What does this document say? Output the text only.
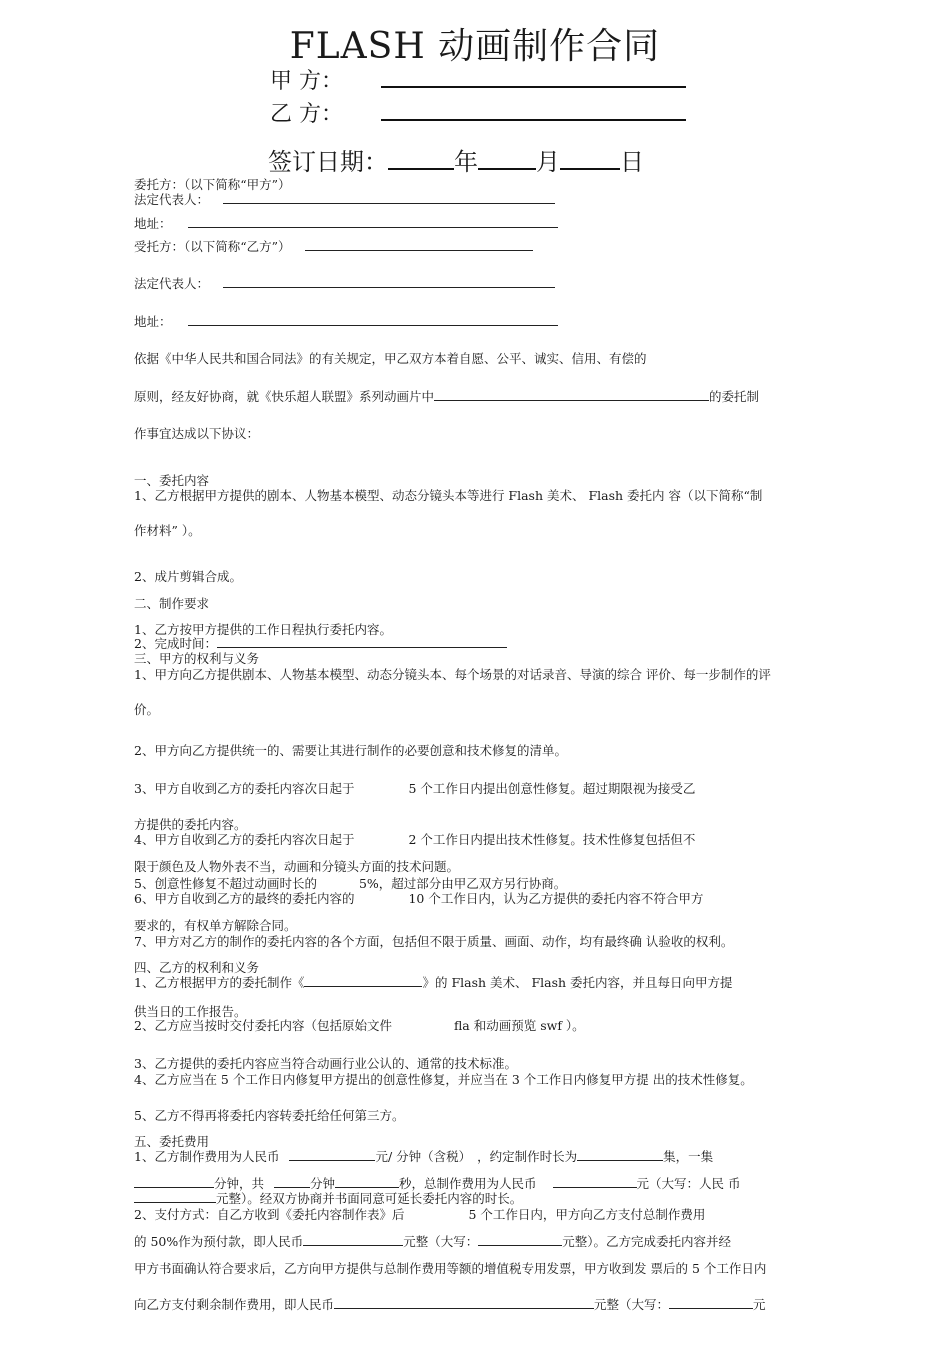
FLASH 动画制作合同
甲 方：
乙 方：
签订日期：	年 月	日
委托方：（以下简称“甲方”）
法定代表人：
地址：
受托方：（以下简称“乙方”）
法定代表人：
地址：
依据《中华人民共和国合同法》的有关规定，甲乙双方本着自愿、公平、诚实、信用、有偿的
原则，经友好协商，就《快乐超人联盟》系列动画片中	的委托制
作事宜达成以下协议：
一、委托内容
1、乙方根据甲方提供的剧本、人物基本模型、动态分镜头本等进行 Flash 美术、 Flash 委托内 容（以下简称“制
作材料” ）。
2、成片剪辑合成。
二、制作要求
1、乙方按甲方提供的工作日程执行委托内容。
2、完成时间：
三、甲方的权利与义务
1、甲方向乙方提供剧本、人物基本模型、动态分镜头本、每个场景的对话录音、导演的综合 评价、每一步制作的评
价。
2、甲方向乙方提供统一的、需要让其进行制作的必要创意和技术修复的清单。
3、甲方自收到乙方的委托内容次日起于	5 个工作日内提出创意性修复。超过期限视为接受乙
方提供的委托内容。
4、甲方自收到乙方的委托内容次日起于	2 个工作日内提出技术性修复。技术性修复包括但不
限于颜色及人物外表不当，动画和分镜头方面的技术问题。
5、创意性修复不超过动画时长的	5%，超过部分由甲乙双方另行协商。
6、甲方自收到乙方的最终的委托内容的	10 个工作日内，认为乙方提供的委托内容不符合甲方
要求的，有权单方解除合同。
7、甲方对乙方的制作的委托内容的各个方面，包括但不限于质量、画面、动作，均有最终确 认验收的权利。
四、乙方的权利和义务
1、乙方根据甲方的委托制作《	》的 Flash 美术、 Flash 委托内容，并且每日向甲方提
供当日的工作报告。
2、乙方应当按时交付委托内容（包括原始文件	fla 和动画预览 swf ）。
3、乙方提供的委托内容应当符合动画行业公认的、通常的技术标准。
4、乙方应当在 5 个工作日内修复甲方提出的创意性修复，并应当在 3 个工作日内修复甲方提 出的技术性修复。
5、乙方不得再将委托内容转委托给任何第三方。
五、委托费用
1、乙方制作费用为人民币	元/ 分钟（含税） ，约定制作时长为	集，一集
分钟，共	分钟	秒，总制作费用为人民币	元（大写：人民 币
元整）。经双方协商并书面同意可延长委托内容的时长。
2、支付方式：自乙方收到《委托内容制作表》后	5 个工作日内，甲方向乙方支付总制作费用
的 50%作为预付款，即人民币	元整（大写：	元整）。乙方完成委托内容并经
甲方书面确认符合要求后，乙方向甲方提供与总制作费用等额的增值税专用发票，甲方收到发 票后的 5 个工作日内
向乙方支付剩余制作费用，即人民币	元整（大写：	元
